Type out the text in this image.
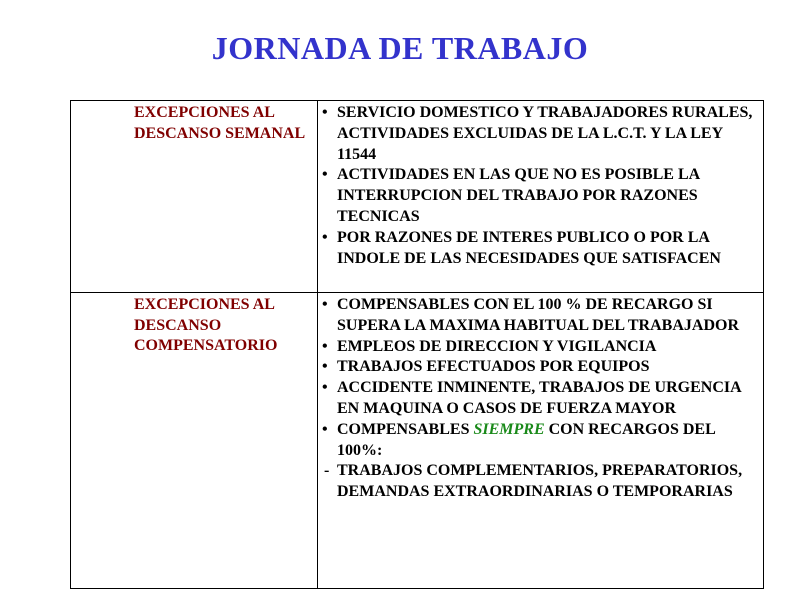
JORNADA DE TRABAJO
EXCEPCIONES AL DESCANSO SEMANAL
• SERVICIO DOMESTICO Y TRABAJADORES RURALES, ACTIVIDADES EXCLUIDAS DE LA L.C.T. Y LA LEY 11544
• ACTIVIDADES EN LAS QUE NO ES POSIBLE LA INTERRUPCION DEL TRABAJO POR RAZONES TECNICAS
• POR RAZONES DE INTERES PUBLICO O POR LA INDOLE DE LAS NECESIDADES QUE SATISFACEN
EXCEPCIONES AL DESCANSO COMPENSATORIO
• COMPENSABLES CON EL 100 % DE RECARGO SI SUPERA LA MAXIMA HABITUAL DEL TRABAJADOR
• EMPLEOS DE DIRECCION Y VIGILANCIA
• TRABAJOS EFECTUADOS POR EQUIPOS
• ACCIDENTE INMINENTE, TRABAJOS DE URGENCIA EN MAQUINA O CASOS DE FUERZA MAYOR
• COMPENSABLES SIEMPRE CON RECARGOS DEL 100%:
- TRABAJOS COMPLEMENTARIOS, PREPARATORIOS, DEMANDAS EXTRAORDINARIAS O TEMPORARIAS
